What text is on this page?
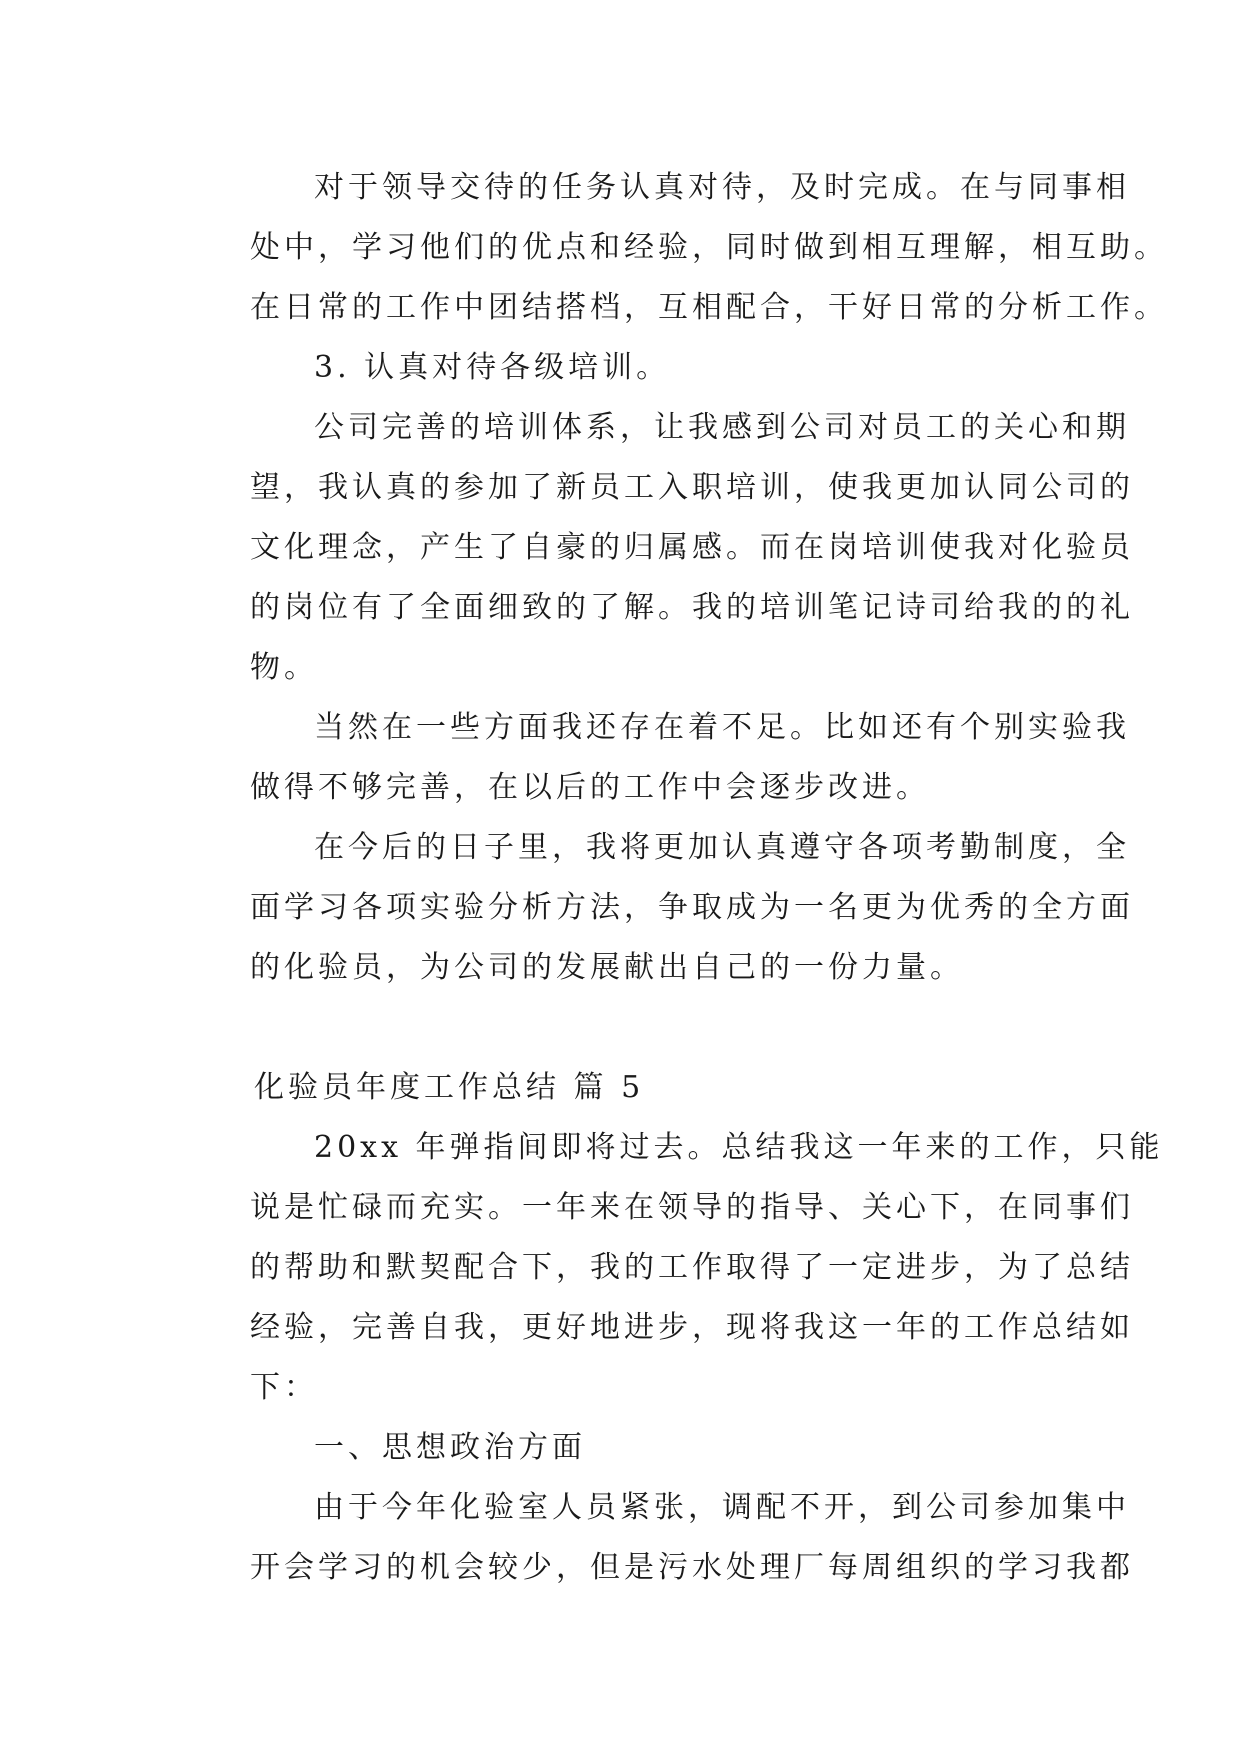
对于领导交待的任务认真对待，及时完成。在与同事相
处中，学习他们的优点和经验，同时做到相互理解，相互助。
在日常的工作中团结搭档，互相配合，干好日常的分析工作。

3. 认真对待各级培训。

公司完善的培训体系，让我感到公司对员工的关心和期
望，我认真的参加了新员工入职培训，使我更加认同公司的
文化理念，产生了自豪的归属感。而在岗培训使我对化验员
的岗位有了全面细致的了解。我的培训笔记诗司给我的的礼
物。

当然在一些方面我还存在着不足。比如还有个别实验我
做得不够完善，在以后的工作中会逐步改进。

在今后的日子里，我将更加认真遵守各项考勤制度，全
面学习各项实验分析方法，争取成为一名更为优秀的全方面
的化验员，为公司的发展献出自己的一份力量。

化验员年度工作总结 篇 5

20xx 年弹指间即将过去。总结我这一年来的工作，只能
说是忙碌而充实。一年来在领导的指导、关心下，在同事们
的帮助和默契配合下，我的工作取得了一定进步，为了总结
经验，完善自我，更好地进步，现将我这一年的工作总结如
下：

一、思想政治方面

由于今年化验室人员紧张，调配不开，到公司参加集中
开会学习的机会较少，但是污水处理厂每周组织的学习我都
